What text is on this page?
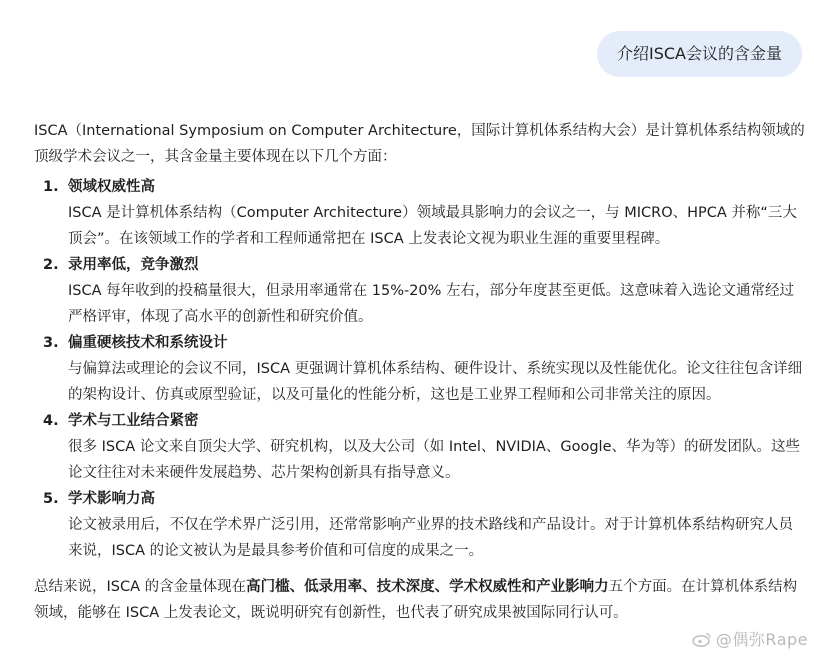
介绍ISCA会议的含金量

ISCA（International Symposium on Computer Architecture，国际计算机体系结构大会）是计算机体系结构领域的顶级学术会议之一，其含金量主要体现在以下几个方面：

1. 领域权威性高
ISCA 是计算机体系结构（Computer Architecture）领域最具影响力的会议之一，与 MICRO、HPCA 并称“三大顶会”。在该领域工作的学者和工程师通常把在 ISCA 上发表论文视为职业生涯的重要里程碑。
2. 录用率低，竞争激烈
ISCA 每年收到的投稿量很大，但录用率通常在 15%-20% 左右，部分年度甚至更低。这意味着入选论文通常经过严格评审，体现了高水平的创新性和研究价值。
3. 偏重硬核技术和系统设计
与偏算法或理论的会议不同，ISCA 更强调计算机体系结构、硬件设计、系统实现以及性能优化。论文往往包含详细的架构设计、仿真或原型验证，以及可量化的性能分析，这也是工业界工程师和公司非常关注的原因。
4. 学术与工业结合紧密
很多 ISCA 论文来自顶尖大学、研究机构，以及大公司（如 Intel、NVIDIA、Google、华为等）的研发团队。这些论文往往对未来硬件发展趋势、芯片架构创新具有指导意义。
5. 学术影响力高
论文被录用后，不仅在学术界广泛引用，还常常影响产业界的技术路线和产品设计。对于计算机体系结构研究人员来说，ISCA 的论文被认为是最具参考价值和可信度的成果之一。

总结来说，ISCA 的含金量体现在高门槛、低录用率、技术深度、学术权威性和产业影响力五个方面。在计算机体系结构领域，能够在 ISCA 上发表论文，既说明研究有创新性，也代表了研究成果被国际同行认可。

@偶弥Rape
